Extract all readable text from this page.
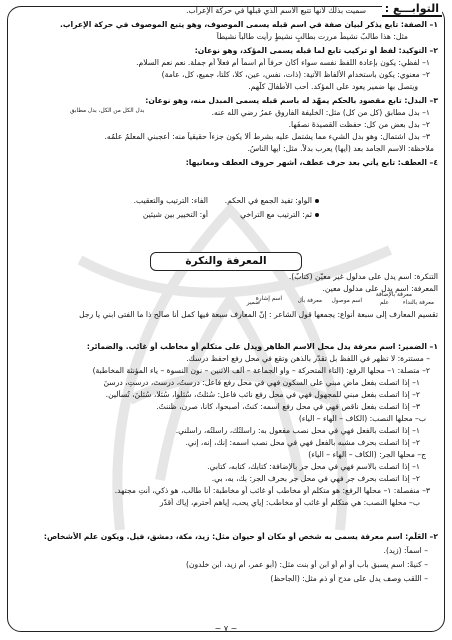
التوابـــع :
سميت بذلك لأنها تتبع الاسم الذي قبلها في حركة الإعراب.
١– الصفة: تابع يذكر لبيان صفة في اسم قبله يسمى الموصوف، وهو يتبع الموصوف في حركة الإعراب.
مثل: هذا طالبٌ نشيطٌ مررت بطالبٍ نشيطٍ رأيت طالباً نشيطاً
٢– التوكيد: لفظ أو تركيب تابع لما قبله يسمى المؤكد، وهو نوعان:
١– لفظي: يكون بإعادة اللفظ نفسه سواء أكان حرفاً أم اسماً أم فعلاً أم جملة. نعم نعم السلام.
٢– معنوي: يكون باستخدام الألفاظ الآتية: (ذات، نفس، عين، كلا، كلتا، جميع، كل، عامة)
ويتصل بها ضمير يعود على المؤكد. أحب الأطفالَ كلَّهم.
٣– البدل: تابع مقصود بالحكم يمهّد له باسم قبله يسمى المبدل منه، وهو نوعان:
١– بدل مطابق (كل من كل) مثل: الخليفة الفاروق عمرُ رضي الله عنه.
٢– بدل بعض من كل: حفظت القصيدةَ نصفَها.
٣– بدل اشتمال: وهو بدل الشيء مما يشتمل عليه بشرط ألا يكون جزءاً حقيقياً منه: أعجبني المعلمُ علمُه.
ملاحظة: الاسم الجامد بعد (أيها) يعرب بدلاً. مثل: أيها الناسُ.
٤– العطف: تابع يأتي بعد حرف عطف، أشهر حروف العطف ومعانيها:
الفاء: الترتيب والتعقيب.
أو: التخيير بين شيئين
التنكرة: اسم يدل على مدلول غير معيّن (كتابٌ).
المعرفة: اسم يدل على مدلول معين.
تقسيم المعارف إلى سبعة أنواع: يجمعها قول الشاعر : إنّ المعارف سبعة فيها كمل أنا صالح ذا ما الفتى ابني يا رجل
١– الضمير: اسم معرفة يدل محل الاسم الظاهر ويدل على متكلم أو مخاطب أو غائب. والضمائر:
– مستترة: لا تظهر في اللفظ بل تقدّر بالذهن وتقع في محل رفع احفظ درسك.
٢– متصلة: ١– محلها الرفع: (التاء المتحركة – واو الجماعة – ألف الاثنين – نون النسوة – ياء المؤنثة المخاطبة)
١– إذا اتصلت بفعل ماضٍ مبني على السكون فهي في محل رفع فاعل: درستُ، درستَ، درستِ، درسنَ
٢– إذا اتصلت بفعل مبني للمجهول فهي في محل رفع نائب فاعل: سُئلتُ، سُئلوا، سُئلا، سُئلنَ، تُسألين.
٣– إذا اتصلت بفعل ناقص فهي في محل رفع اسمه: كنتُ، أصبحوا، كانا، صرن، ظننتُ.
ب– محلها النصب: (الكاف – الهاء – الياء)
١– إذا اتصلت بالفعل فهي في محل نصب مفعول به: راسلتُك، راسلتُه، راسلني.
٢– إذا اتصلت بحرف مشبه بالفعل فهي في محل نصب اسمه: إنك، إنه، إني.
ج– محلها الجر: (الكاف – الهاء – الياء)
١– إذا اتصلت بالاسم فهي في محل جر بالإضافة: كتابك، كتابه، كتابي.
٢– إذا اتصلت بحرف جر فهي في محل جر بحرف الجر: بك، به، بي.
٣– منفصلة: ١– محلها الرفع: هو متكلم أو مخاطب أو غائب أو مخاطبة: أنا طالب، هو ذكي، أنتِ مجتهد.
ب– محلها النصب: هي متكلم أو غائب أو مخاطب: إياي يحب، إياهم أحترم، إياك أقدّر
٢– العَلَم: اسم معرفة يسمى به شخص أو مكان أو حيوان مثل: زيد، مكة، دمشق، فيل. ويكون علم الأشخاص:
– اسماً: (زيد).
– كنيةً: اسم يسبق بأب أو أم أو ابن أو بنت مثل: (أبو عمر، أم زيد، ابن خلدون)
– اللقب وصف يدل على مدح أو ذم مثل: (الجاحظ)
بدل الكل من الكل، بدل مطابق
الواو: تفيد الجمع في الحكم.
ثم: الترتيب مع التراخي
المعرفة والنكرة
ضمير
اسم إشارة	معرفة بأل اسم موصول	علم
معرفة بالإضافة
معرفة بالنداء
~ ٧ ~
